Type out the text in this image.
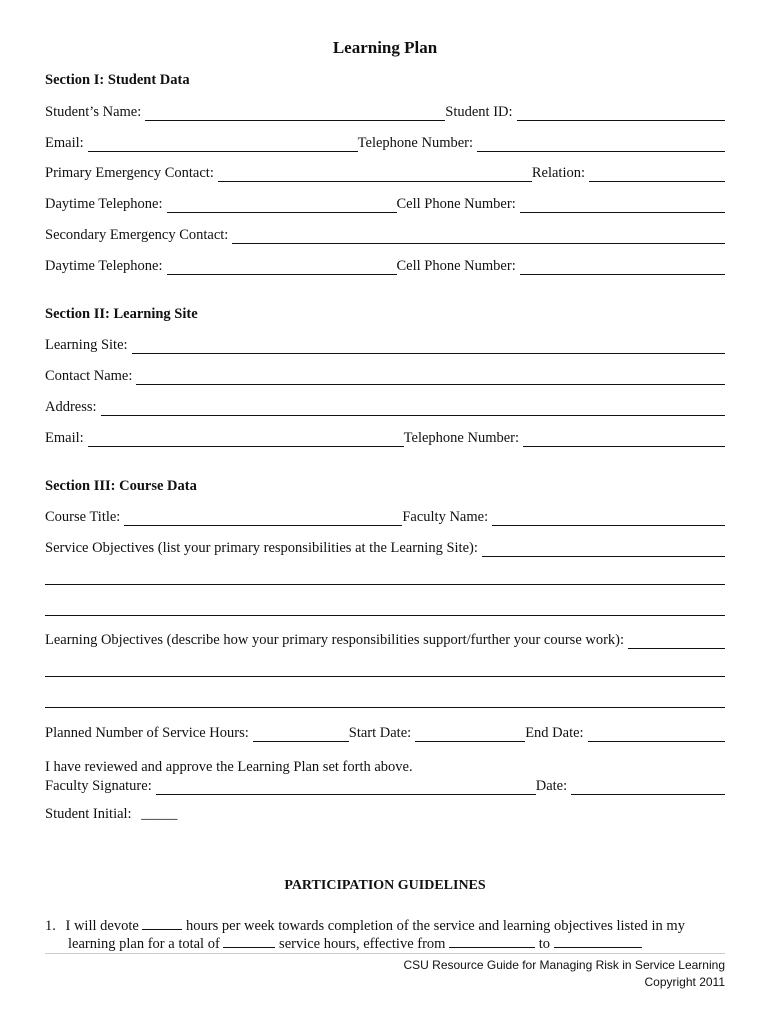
Learning Plan
Section I: Student Data
Student’s Name:	Student ID:
Email:	Telephone Number:
Primary Emergency Contact:	Relation:
Daytime Telephone:	Cell Phone Number:
Secondary Emergency Contact:
Daytime Telephone:	Cell Phone Number:
Section II: Learning Site
Learning Site:
Contact Name:
Address:
Email:	Telephone Number:
Section III: Course Data
Course Title:	Faculty Name:
Service Objectives (list your primary responsibilities at the Learning Site):
Learning Objectives (describe how your primary responsibilities support/further your course work):
Planned Number of Service Hours:	Start Date:	End Date:
I have reviewed and approve the Learning Plan set forth above.
Faculty Signature:	Date:
Student Initial: _____
PARTICIPATION GUIDELINES
1. I will devote	hours per week towards completion of the service and learning objectives listed in my
learning plan for a total of	service hours, effective from	to
CSU Resource Guide for Managing Risk in Service Learning
Copyright 2011
